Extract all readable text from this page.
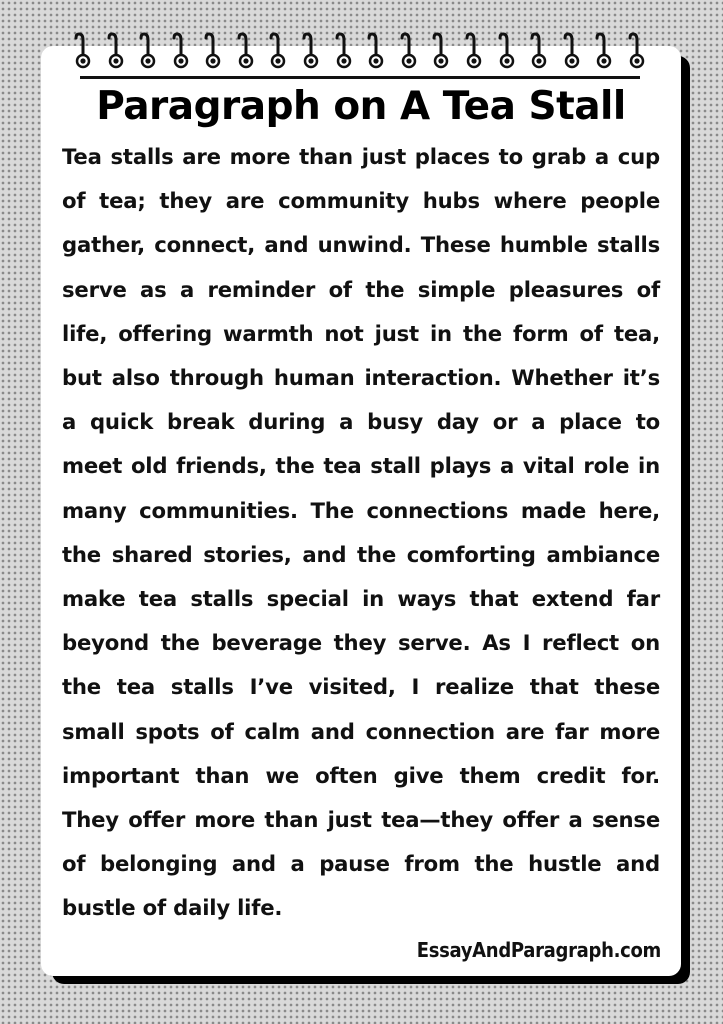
Paragraph on A Tea Stall
Tea stalls are more than just places to grab a cup of tea; they are community hubs where people gather, connect, and unwind. These humble stalls serve as a reminder of the simple pleasures of life, offering warmth not just in the form of tea, but also through human interaction. Whether it’s a quick break during a busy day or a place to meet old friends, the tea stall plays a vital role in many communities. The connections made here, the shared stories, and the comforting ambiance make tea stalls special in ways that extend far beyond the beverage they serve. As I reflect on the tea stalls I’ve visited, I realize that these small spots of calm and connection are far more important than we often give them credit for. They offer more than just tea—they offer a sense of belonging and a pause from the hustle and bustle of daily life.
EssayAndParagraph.com
